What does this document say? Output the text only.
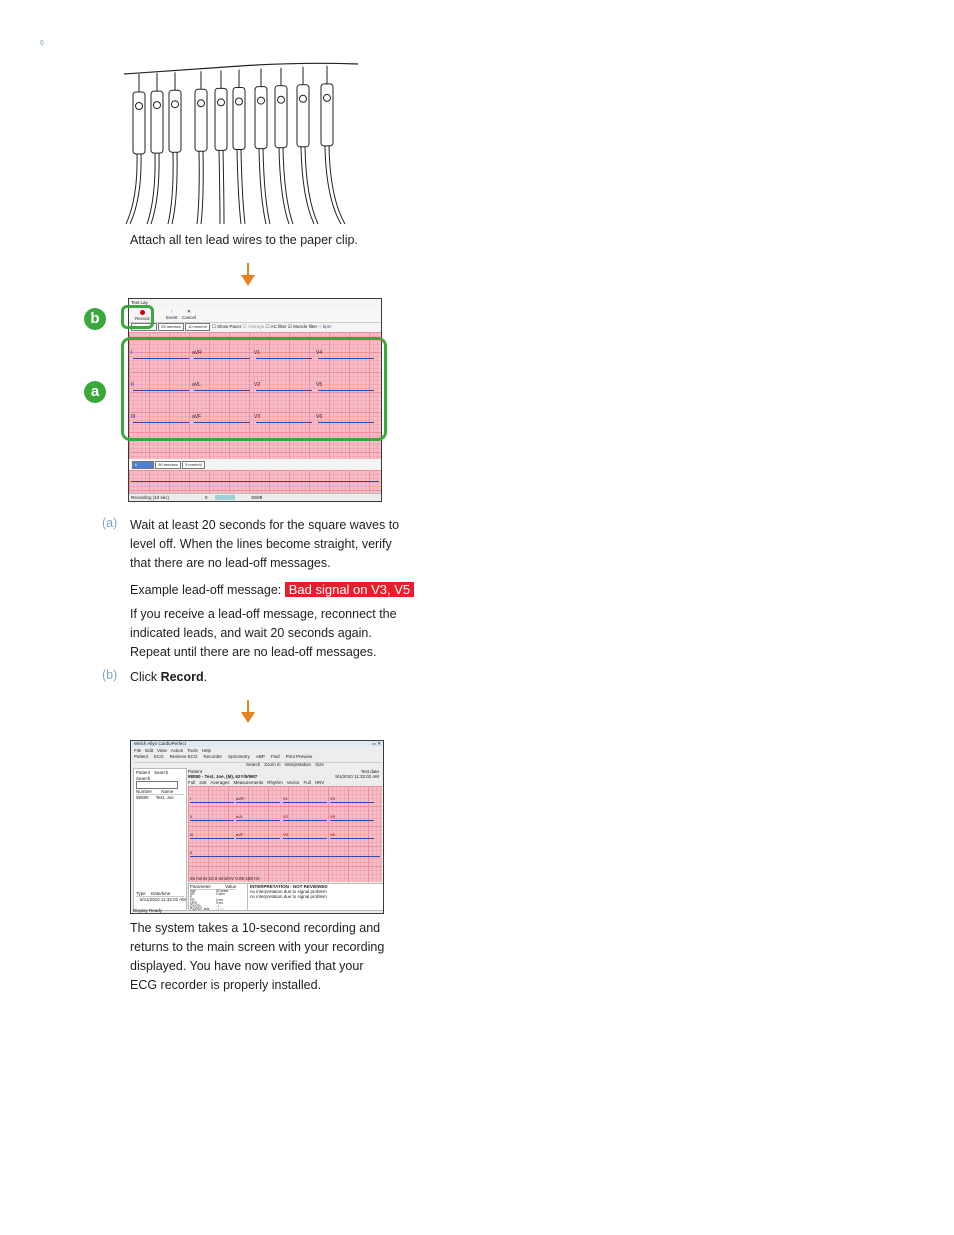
6
Attach all ten lead wires to the paper clip.
Test Lay
Record
↑
Event
✕
Cancel
25 mm/sec 10 mm/mV ☐ Show Pacer ☑ Average ☐ AC filter ☑ Muscle filter -- bpm
I	aVR	V1	V4
II	aVL	V2	V5
III	aVF	V3	V6
II	50 mm/sec 5 mm/mV
Recording (10 sec)	0	30/88
b
a
(a) Wait at least 20 seconds for the square waves to level off. When the lines become straight, verify that there are no lead-off messages.
Example lead-off message: Bad signal on V3, V5
If you receive a lead-off message, reconnect the indicated leads, and wait 20 seconds again. Repeat until there are no lead-off messages.
(b) Click Record.
Welch Allyn CardioPerfect	▭ ✕
File Edit View Action Tools Help
Patient ECG Retrieve ECG Recorder Spirometry ABP Find Print Preview
Search Zoom in Interpretation Size
Patient Search
Search
Number Name
98080 Test, Joe
Type Date/time
5/11/2010 11:32:02 AM
Patient
98080 - Test, Joe, (M), 62Y/5/9M7
Test date
9/1/2010 11:32:02 AM
Full 2x6 Averages Measurements Rhythm Vector Full HRV
25 mm/s 10.0 mm/mV 0.05-150 Hz
I	aVR	V1	V4
II	aVL	V2	V5
III	aVF	V3	V6
II
Parameter	Value
Age	62 years
HR	0 bpm
P
PR	0 ms
QRS	0 ms
QT/QTc	- / -
P/QRS/T axis - / - / -
INTERPRETATION - NOT REVIEWED
no interpretation due to signal problem
no interpretation due to signal problem
Display Ready
The system takes a 10-second recording and returns to the main screen with your recording displayed. You have now verified that your ECG recorder is properly installed.
